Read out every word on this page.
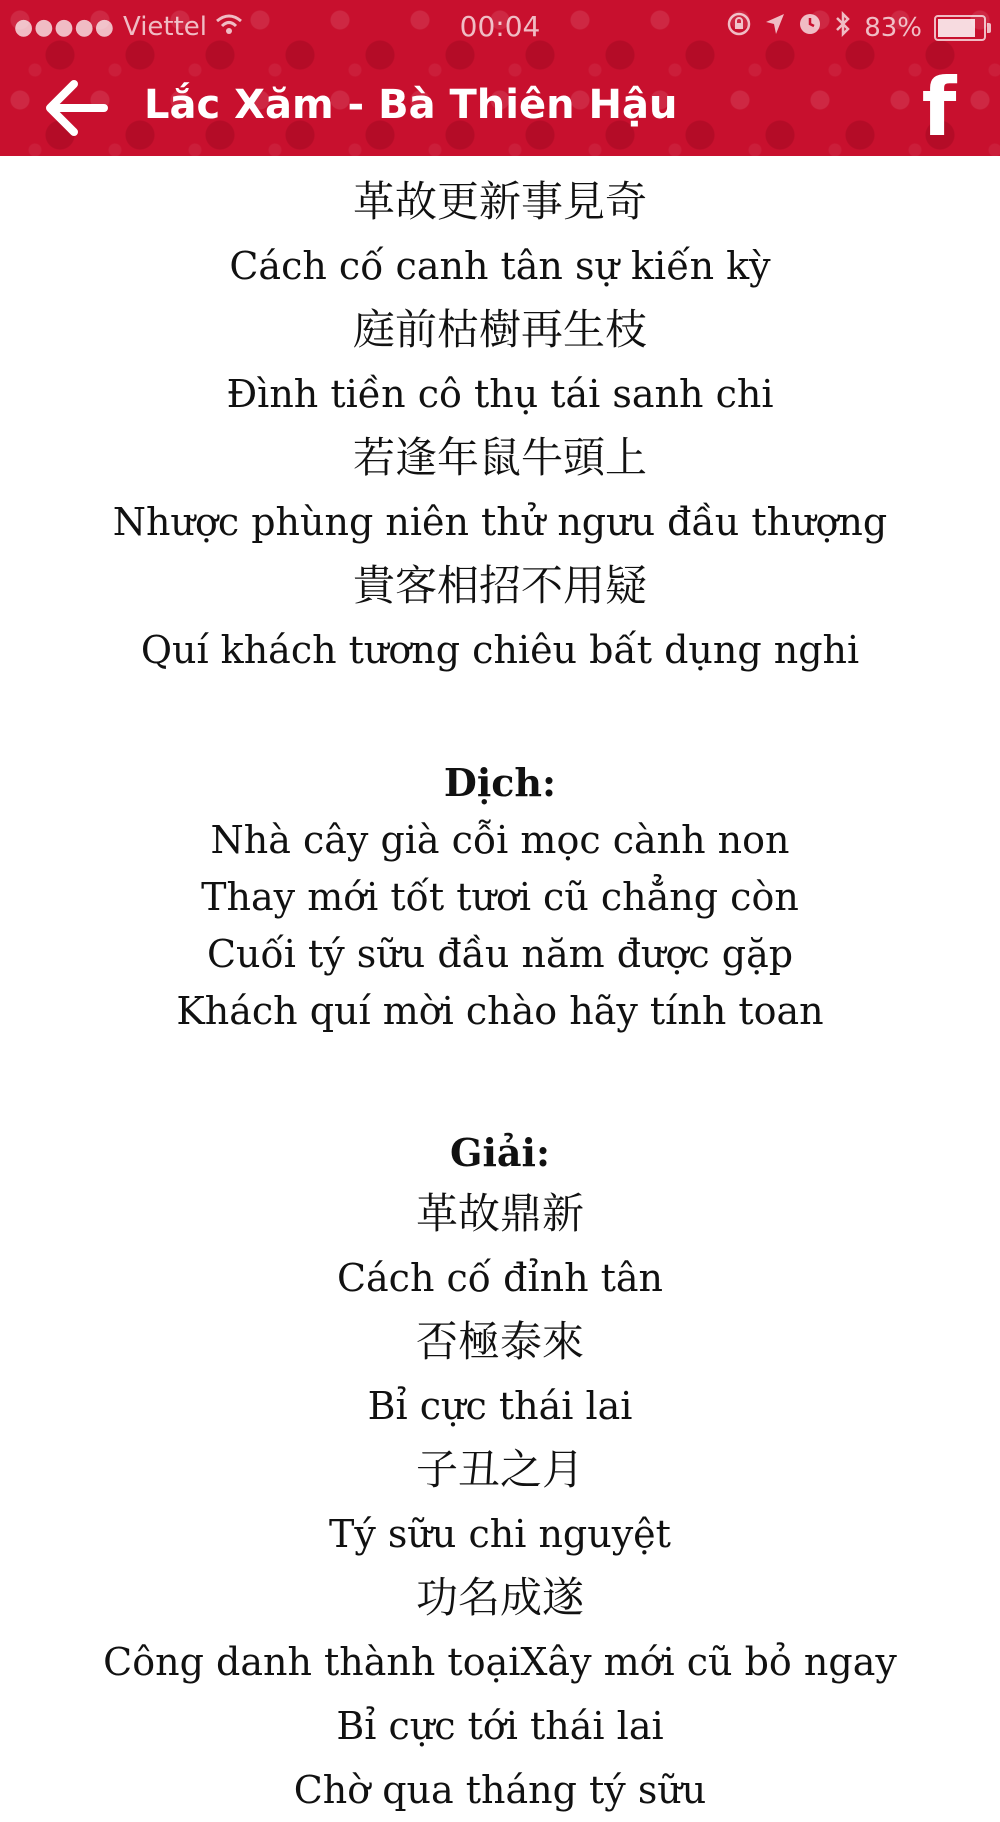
●●●●● Viettel	00:04	83%
Lắc Xăm - Bà Thiên Hậu	f
革故更新事見奇
Cách cố canh tân sự kiến kỳ
庭前枯樹再生枝
Đình tiền cô thụ tái sanh chi
若逢年鼠牛頭上
Nhược phùng niên thử ngưu đầu thượng
貴客相招不用疑
Quí khách tương chiêu bất dụng nghi
Dịch:
Nhà cây già cỗi mọc cành non
Thay mới tốt tươi cũ chẳng còn
Cuối tý sữu đầu năm được gặp
Khách quí mời chào hãy tính toan
Giải:
革故鼎新
Cách cố đỉnh tân
否極泰來
Bỉ cực thái lai
子丑之月
Tý sữu chi nguyệt
功名成遂
Công danh thành toạiXây mới cũ bỏ ngay
Bỉ cực tới thái lai
Chờ qua tháng tý sữu
